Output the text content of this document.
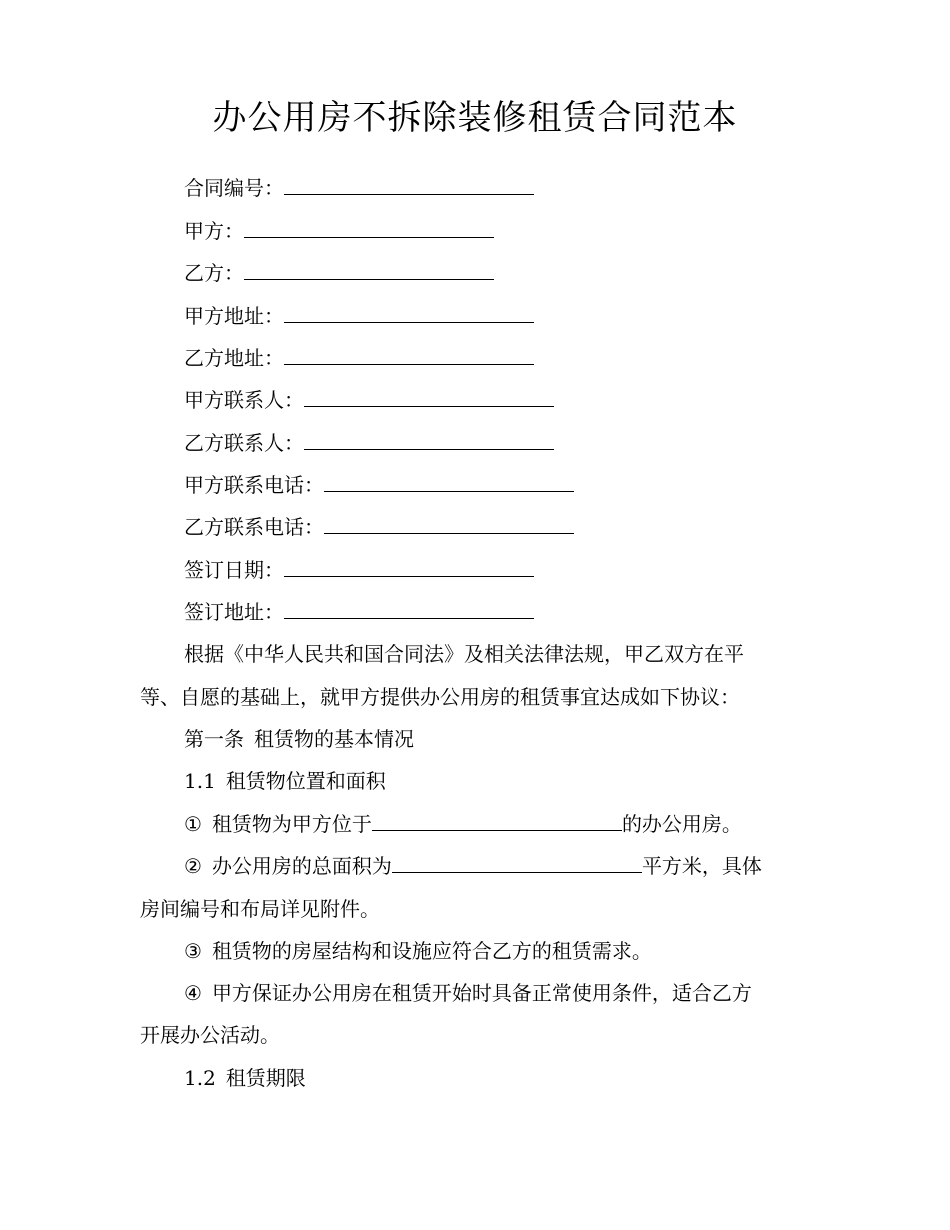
办公用房不拆除装修租赁合同范本
合同编号：
甲方：
乙方：
甲方地址：
乙方地址：
甲方联系人：
乙方联系人：
甲方联系电话：
乙方联系电话：
签订日期：
签订地址：
根据《中华人民共和国合同法》及相关法律法规，甲乙双方在平
等、自愿的基础上，就甲方提供办公用房的租赁事宜达成如下协议：
第一条 租赁物的基本情况
1.1 租赁物位置和面积
① 租赁物为甲方位于	的办公用房。
② 办公用房的总面积为	平方米，具体
房间编号和布局详见附件。
③ 租赁物的房屋结构和设施应符合乙方的租赁需求。
④ 甲方保证办公用房在租赁开始时具备正常使用条件，适合乙方
开展办公活动。
1.2 租赁期限
